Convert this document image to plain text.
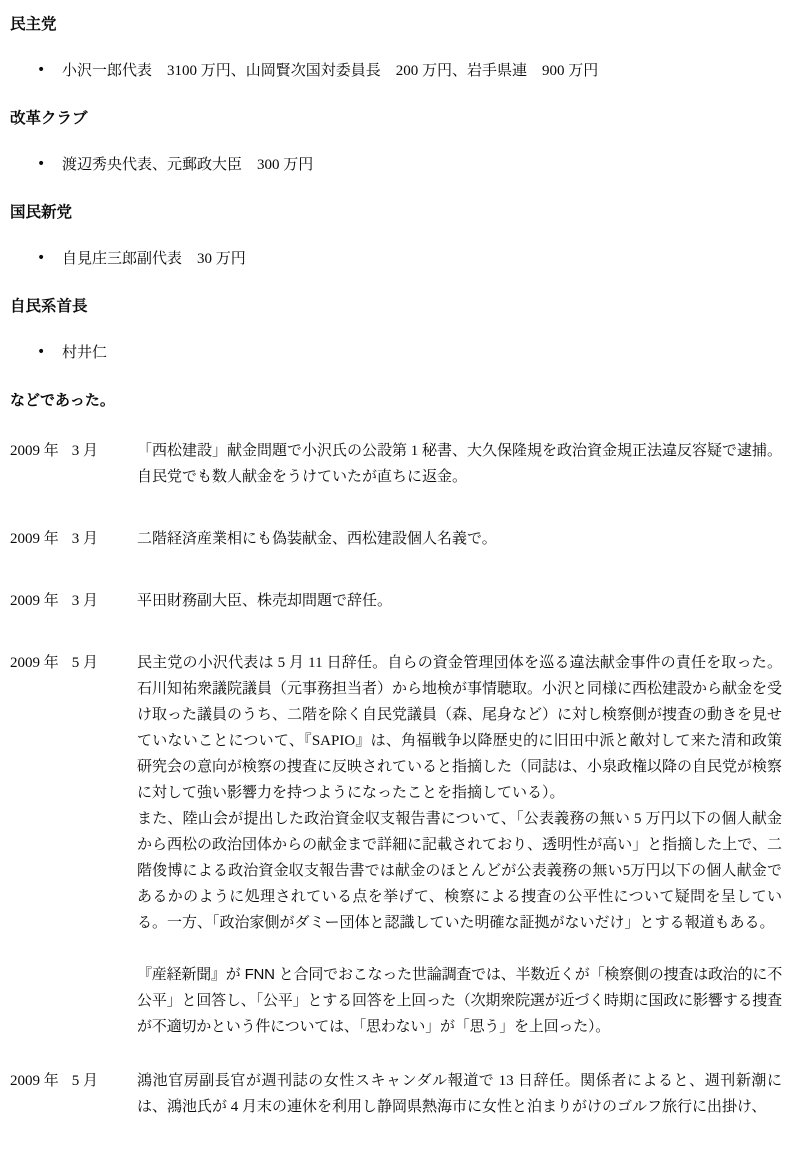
民主党
• 小沢一郎代表　3100 万円、山岡賢次国対委員長　200 万円、岩手県連　900 万円
改革クラブ
• 渡辺秀央代表、元郵政大臣　300 万円
国民新党
• 自見庄三郎副代表　30 万円
自民系首長
• 村井仁

などであった。

2009 年 3 月	「西松建設」献金問題で小沢氏の公設第 1 秘書、大久保隆規を政治資金規正法違反容疑で逮捕。自民党でも数人献金をうけていたが直ちに返金。

2009 年 3 月	二階経済産業相にも偽装献金、西松建設個人名義で。

2009 年 3 月	平田財務副大臣、株売却問題で辞任。

2009 年 5 月	民主党の小沢代表は 5 月 11 日辞任。自らの資金管理団体を巡る違法献金事件の責任を取った。石川知祐衆議院議員（元事務担当者）から地検が事情聴取。小沢と同様に西松建設から献金を受け取った議員のうち、二階を除く自民党議員（森、尾身など）に対し検察側が捜査の動きを見せていないことについて、『SAPIO』は、角福戦争以降歴史的に旧田中派と敵対して来た清和政策研究会の意向が検察の捜査に反映されていると指摘した（同誌は、小泉政権以降の自民党が検察に対して強い影響力を持つようになったことを指摘している）。

また、陸山会が提出した政治資金収支報告書について、「公表義務の無い 5 万円以下の個人献金から西松の政治団体からの献金まで詳細に記載されており、透明性が高い」と指摘した上で、二階俊博による政治資金収支報告書では献金のほとんどが公表義務の無い5万円以下の個人献金であるかのように処理されている点を挙げて、検察による捜査の公平性について疑問を呈している。一方、「政治家側がダミー団体と認識していた明確な証拠がないだけ」とする報道もある。

『産経新聞』が FNN と合同でおこなった世論調査では、半数近くが「検察側の捜査は政治的に不公平」と回答し、「公平」とする回答を上回った（次期衆院選が近づく時期に国政に影響する捜査が不適切かという件については、「思わない」が「思う」を上回った）。

2009 年 5 月	鴻池官房副長官が週刊誌の女性スキャンダル報道で 13 日辞任。関係者によると、週刊新潮には、鴻池氏が 4 月末の連休を利用し静岡県熱海市に女性と泊まりがけのゴルフ旅行に出掛け、
